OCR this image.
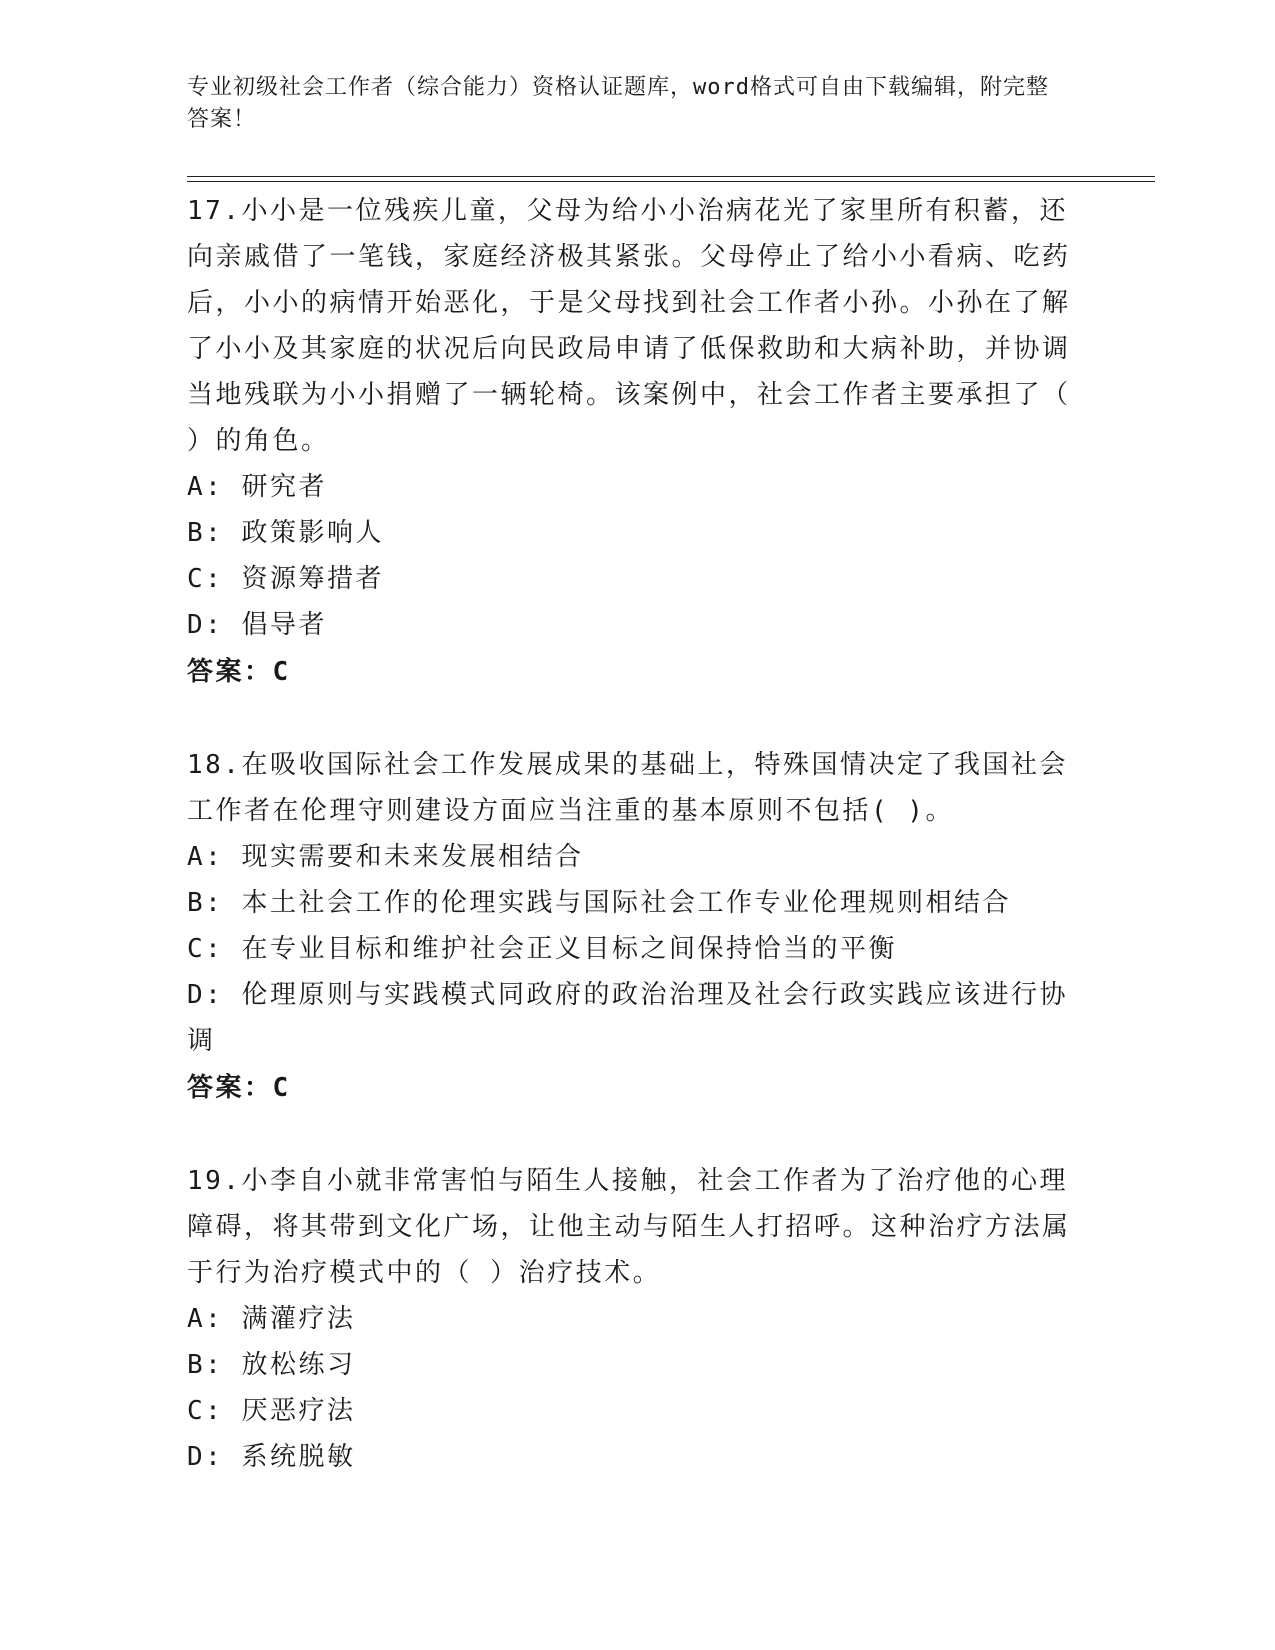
专业初级社会工作者（综合能力）资格认证题库，word格式可自由下载编辑，附完整答案！

17.小小是一位残疾儿童，父母为给小小治病花光了家里所有积蓄，还向亲戚借了一笔钱，家庭经济极其紧张。父母停止了给小小看病、吃药后，小小的病情开始恶化，于是父母找到社会工作者小孙。小孙在了解了小小及其家庭的状况后向民政局申请了低保救助和大病补助，并协调当地残联为小小捐赠了一辆轮椅。该案例中，社会工作者主要承担了（ ）的角色。

A: 研究者

B: 政策影响人

C: 资源筹措者

D: 倡导者

答案：C

18.在吸收国际社会工作发展成果的基础上，特殊国情决定了我国社会工作者在伦理守则建设方面应当注重的基本原则不包括( )。

A: 现实需要和未来发展相结合

B: 本土社会工作的伦理实践与国际社会工作专业伦理规则相结合

C: 在专业目标和维护社会正义目标之间保持恰当的平衡

D: 伦理原则与实践模式同政府的政治治理及社会行政实践应该进行协调

答案：C

19.小李自小就非常害怕与陌生人接触，社会工作者为了治疗他的心理障碍，将其带到文化广场，让他主动与陌生人打招呼。这种治疗方法属于行为治疗模式中的（ ）治疗技术。

A: 满灌疗法

B: 放松练习

C: 厌恶疗法

D: 系统脱敏
